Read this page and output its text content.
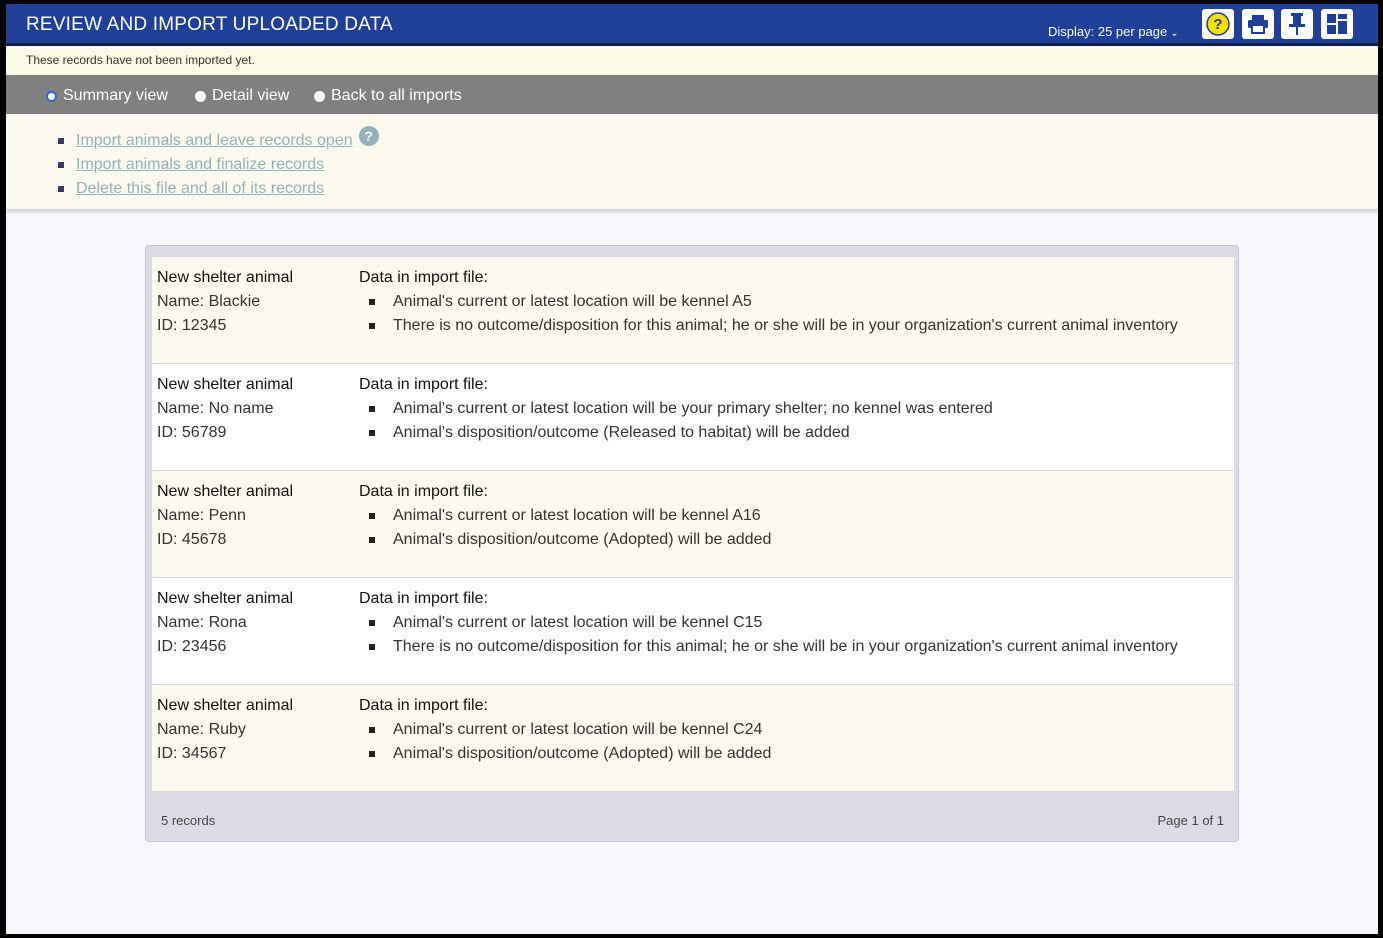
REVIEW AND IMPORT UPLOADED DATA	Display: 25 per page ⌄
?
These records have not been imported yet.
Summary view	Detail view	Back to all imports
Import animals and leave records open ?
Import animals and finalize records
Delete this file and all of its records
New shelter animal
Name: Blackie
ID: 12345
Data in import file:
Animal's current or latest location will be kennel A5
There is no outcome/disposition for this animal; he or she will be in your organization's current animal inventory
New shelter animal
Name: No name
ID: 56789
Data in import file:
Animal's current or latest location will be your primary shelter; no kennel was entered
Animal's disposition/outcome (Released to habitat) will be added
New shelter animal
Name: Penn
ID: 45678
Data in import file:
Animal's current or latest location will be kennel A16
Animal's disposition/outcome (Adopted) will be added
New shelter animal
Name: Rona
ID: 23456
Data in import file:
Animal's current or latest location will be kennel C15
There is no outcome/disposition for this animal; he or she will be in your organization's current animal inventory
New shelter animal
Name: Ruby
ID: 34567
Data in import file:
Animal's current or latest location will be kennel C24
Animal's disposition/outcome (Adopted) will be added
5 records	Page 1 of 1
